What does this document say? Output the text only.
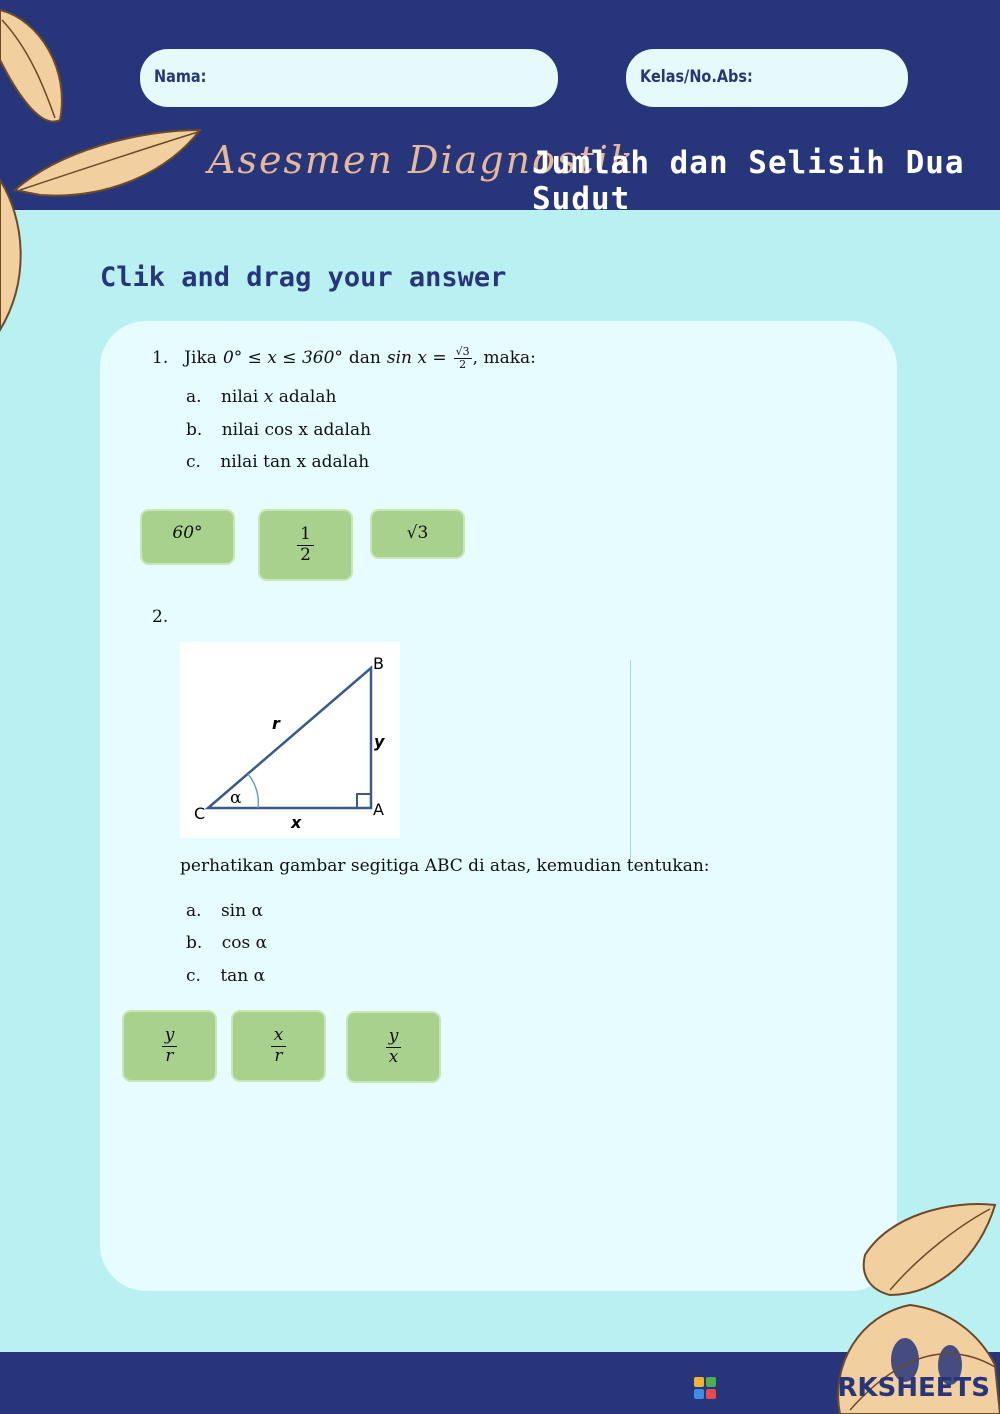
Nama:	Kelas/No.Abs:
Asesmen Diagnostik
Jumlah dan Selisih Dua Sudut
Clik and drag your answer
1. Jika 0° ≤ x ≤ 360° dan $\sin x = \frac{√3}{2}$ , maka:
a. nilai x adalah
b. nilai cos x adalah
c. nilai tan x adalah
60°	$\frac{1}{2}$	√3
2.
B
C	A
r
y
x
α
perhatikan gambar segitiga ABC di atas, kemudian tentukan:
a. sin α
b. cos α
c. tan α
$\frac{y}{r}$	$\frac{x}{r}$	$\frac{y}{x}$
LIVEWORKSHEETS
